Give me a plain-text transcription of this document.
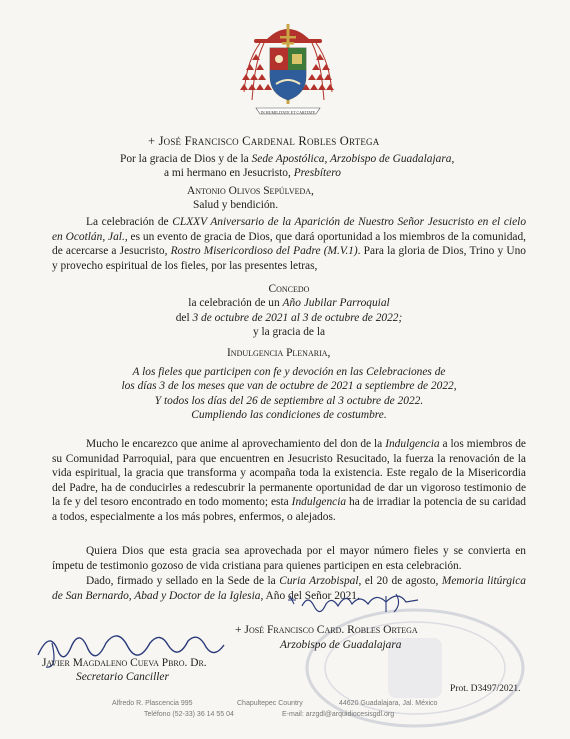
IN HUMILITATE ET CARITATE
+ José Francisco Cardenal Robles Ortega
Por la gracia de Dios y de la Sede Apostólica, Arzobispo de Guadalajara,
a mi hermano en Jesucristo, Presbítero
Antonio Olivos Sepúlveda,
Salud y bendición.

La celebración de CLXXV Aniversario de la Aparición de Nuestro Señor Jesucristo en el cielo en Ocotlán, Jal., es un evento de gracia de Dios, que dará oportunidad a los miembros de la comunidad, de acercarse a Jesucristo, Rostro Misericordioso del Padre (M.V.1). Para la gloria de Dios, Trino y Uno y provecho espiritual de los fieles, por las presentes letras,

Concedo
la celebración de un Año Jubilar Parroquial
del 3 de octubre de 2021 al 3 de octubre de 2022;
y la gracia de la
Indulgencia Plenaria,
A los fieles que participen con fe y devoción en las Celebraciones de
los días 3 de los meses que van de octubre de 2021 a septiembre de 2022,
Y todos los días del 26 de septiembre al 3 octubre de 2022.
Cumpliendo las condiciones de costumbre.

Mucho le encarezco que anime al aprovechamiento del don de la Indulgencia a los miembros de su Comunidad Parroquial, para que encuentren en Jesucristo Resucitado, la fuerza la renovación de la vida espiritual, la gracia que transforma y acompaña toda la existencia. Este regalo de la Misericordia del Padre, ha de conducirles a redescubrir la permanente oportunidad de dar un vigoroso testimonio de la fe y del tesoro encontrado en todo momento; esta Indulgencia ha de irradiar la potencia de su caridad a todos, especialmente a los más pobres, enfermos, o alejados.

Quiera Dios que esta gracia sea aprovechada por el mayor número fieles y se convierta en ímpetu de testimonio gozoso de vida cristiana para quienes participen en esta celebración.

Dado, firmado y sellado en la Sede de la Curia Arzobispal, el 20 de agosto, Memoria litúrgica de San Bernardo, Abad y Doctor de la Iglesia, Año del Señor 2021.

+ José Francisco Card. Robles Ortega
Arzobispo de Guadalajara
Javier Magdaleno Cueva Pbro. Dr.
Secretario Canciller
Prot. D3497/2021.
Alfredo R. Plascencia 995	Chapultepec Country	44620 Guadalajara, Jal. México
Teléfono (52-33) 36 14 55 04	E-mail: arzgdl@arquidiocesisgdl.org
